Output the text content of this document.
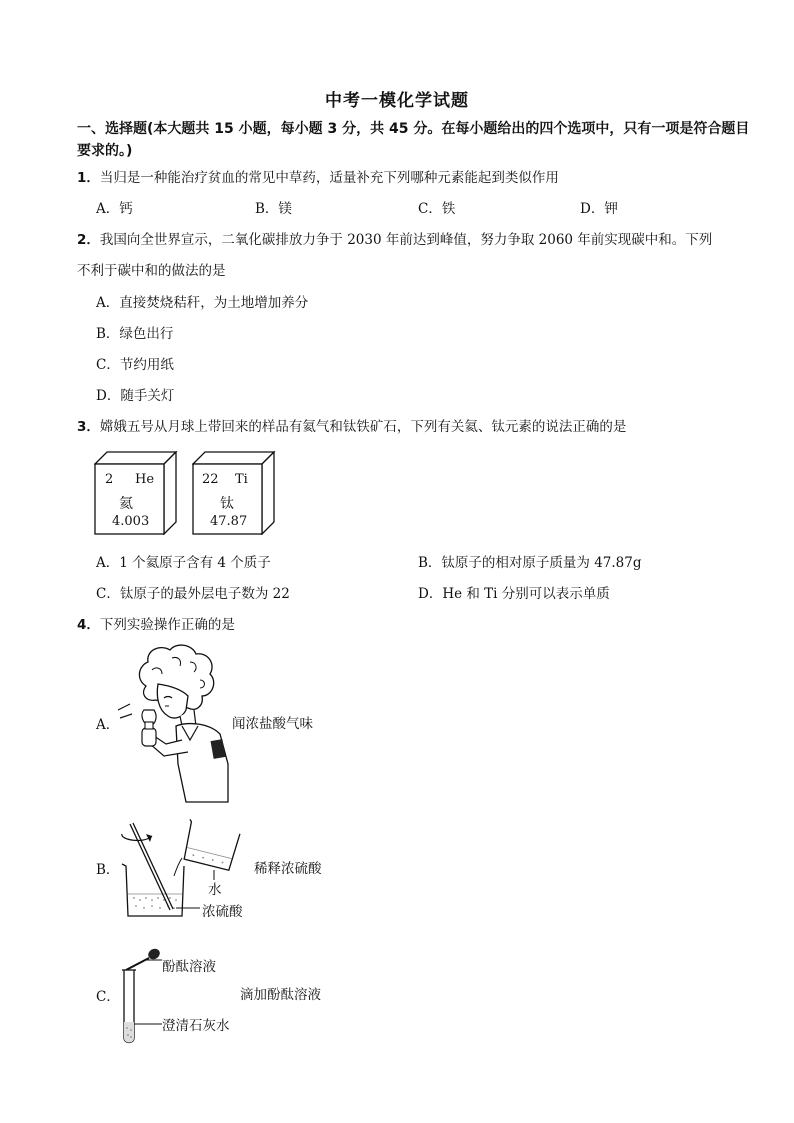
中考一模化学试题
一、选择题(本大题共 15 小题，每小题 3 分，共 45 分。在每小题给出的四个选项中，只有一项是符合题目要求的。)
1．当归是一种能治疗贫血的常见中草药，适量补充下列哪种元素能起到类似作用
A．钙	B．镁	C．铁	D．钾
2．我国向全世界宣示，二氧化碳排放力争于 2030 年前达到峰值，努力争取 2060 年前实现碳中和。下列
不利于碳中和的做法的是
A．直接焚烧秸秆，为土地增加养分
B．绿色出行
C．节约用纸
D．随手关灯
3．嫦娥五号从月球上带回来的样品有氦气和钛铁矿石，下列有关氦、钛元素的说法正确的是
2 He
氦
4.003
22 Ti
钛
47.87
A．1 个氦原子含有 4 个质子	B．钛原子的相对原子质量为 47.87g
C．钛原子的最外层电子数为 22	D．He 和 Ti 分别可以表示单质
4．下列实验操作正确的是
A．	闻浓盐酸气味
B．	稀释浓硫酸
水
浓硫酸
C．
酚酞溶液
滴加酚酞溶液
澄清石灰水
